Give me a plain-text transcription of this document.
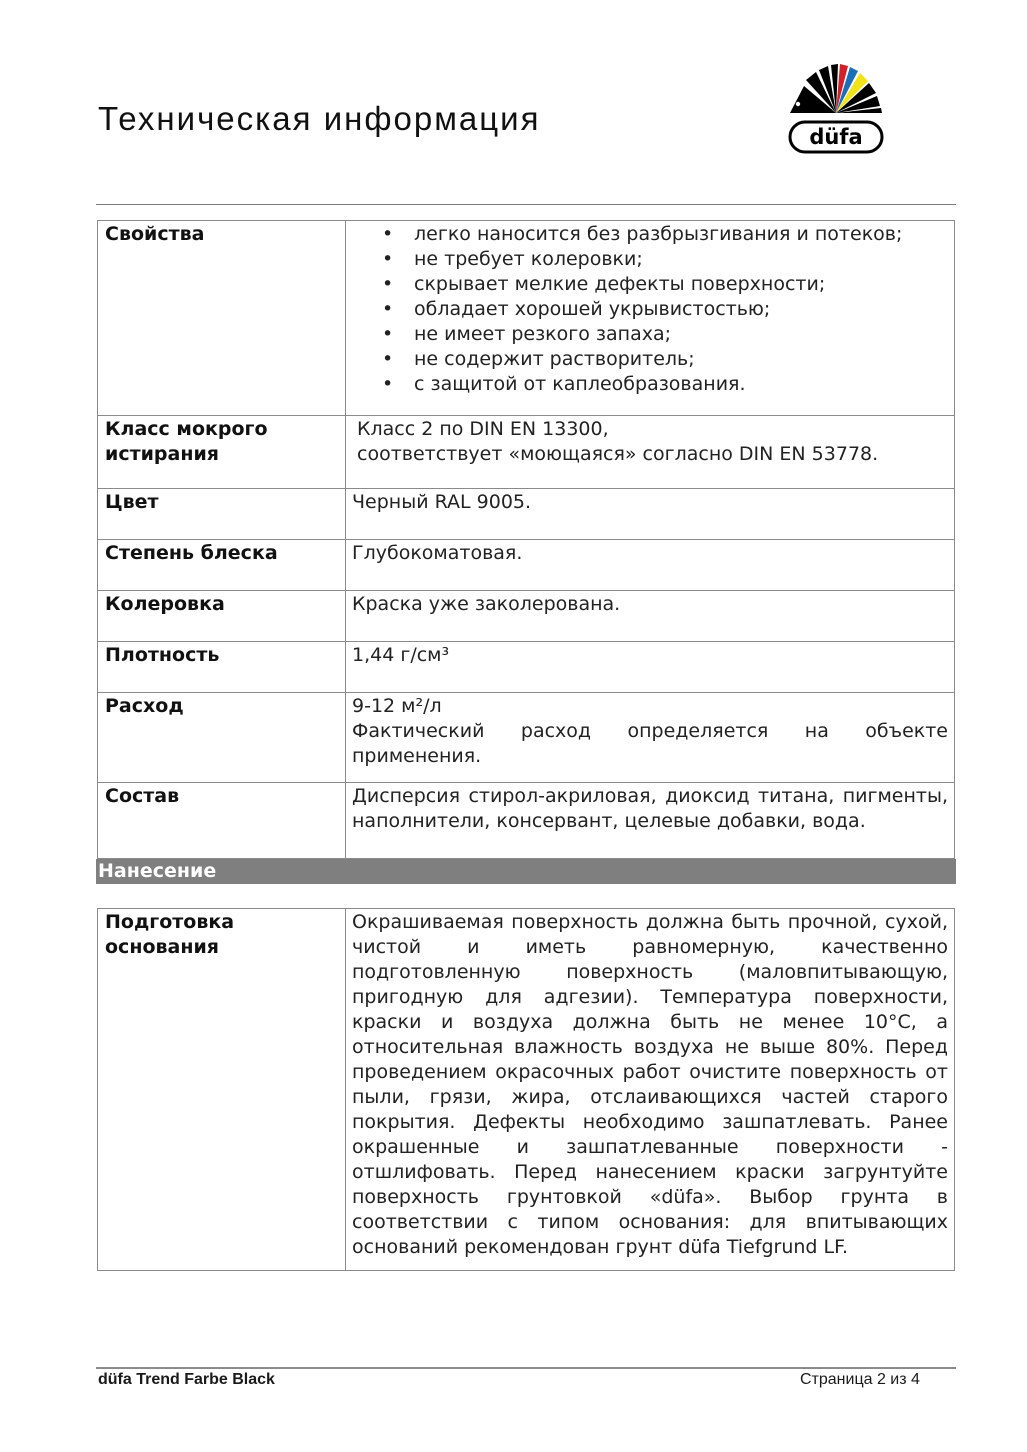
Техническая информация	düfa
Свойства	
•легко наносится без разбрызгивания и потеков;
• не требует колеровки;
• скрывает мелкие дефекты поверхности;
• обладает хорошей укрывистостью;
• не имеет резкого запаха;
• не содержит растворитель;
• с защитой от каплеобразования.

Класс мокрого истирания	Класс 2 по DIN EN 13300,
соответствует «моющаяся» согласно DIN EN 53778.

Цвет	Черный RAL 9005.
Степень блеска	Глубокоматовая.
Колеровка	Краска уже заколерована.
Плотность	1,44 г/см³
Расход	9-12 м²/л
Фактический расход определяется на объекте применения.

Состав	Дисперсия стирол-акриловая, диоксид титана, пигменты, наполнители, консервант, целевые добавки, вода.
Нанесение
Подготовка основания	Окрашиваемая поверхность должна быть прочной, сухой, чистой и иметь равномерную, качественно подготовленную поверхность (маловпитывающую, пригодную для адгезии). Температура поверхности, краски и воздуха должна быть не менее 10°С, а относительная влажность воздуха не выше 80%. Перед проведением окрасочных работ очистите поверхность от пыли, грязи, жира, отслаивающихся частей старого покрытия. Дефекты необходимо зашпатлевать. Ранее окрашенные и зашпатлеванные поверхности - отшлифовать. Перед нанесением краски загрунтуйте поверхность грунтовкой «düfa». Выбор грунта в соответствии с типом основания: для впитывающих оснований рекомендован грунт düfa Tiefgrund LF.
düfa Trend Farbe Black	Страница 2 из 4
